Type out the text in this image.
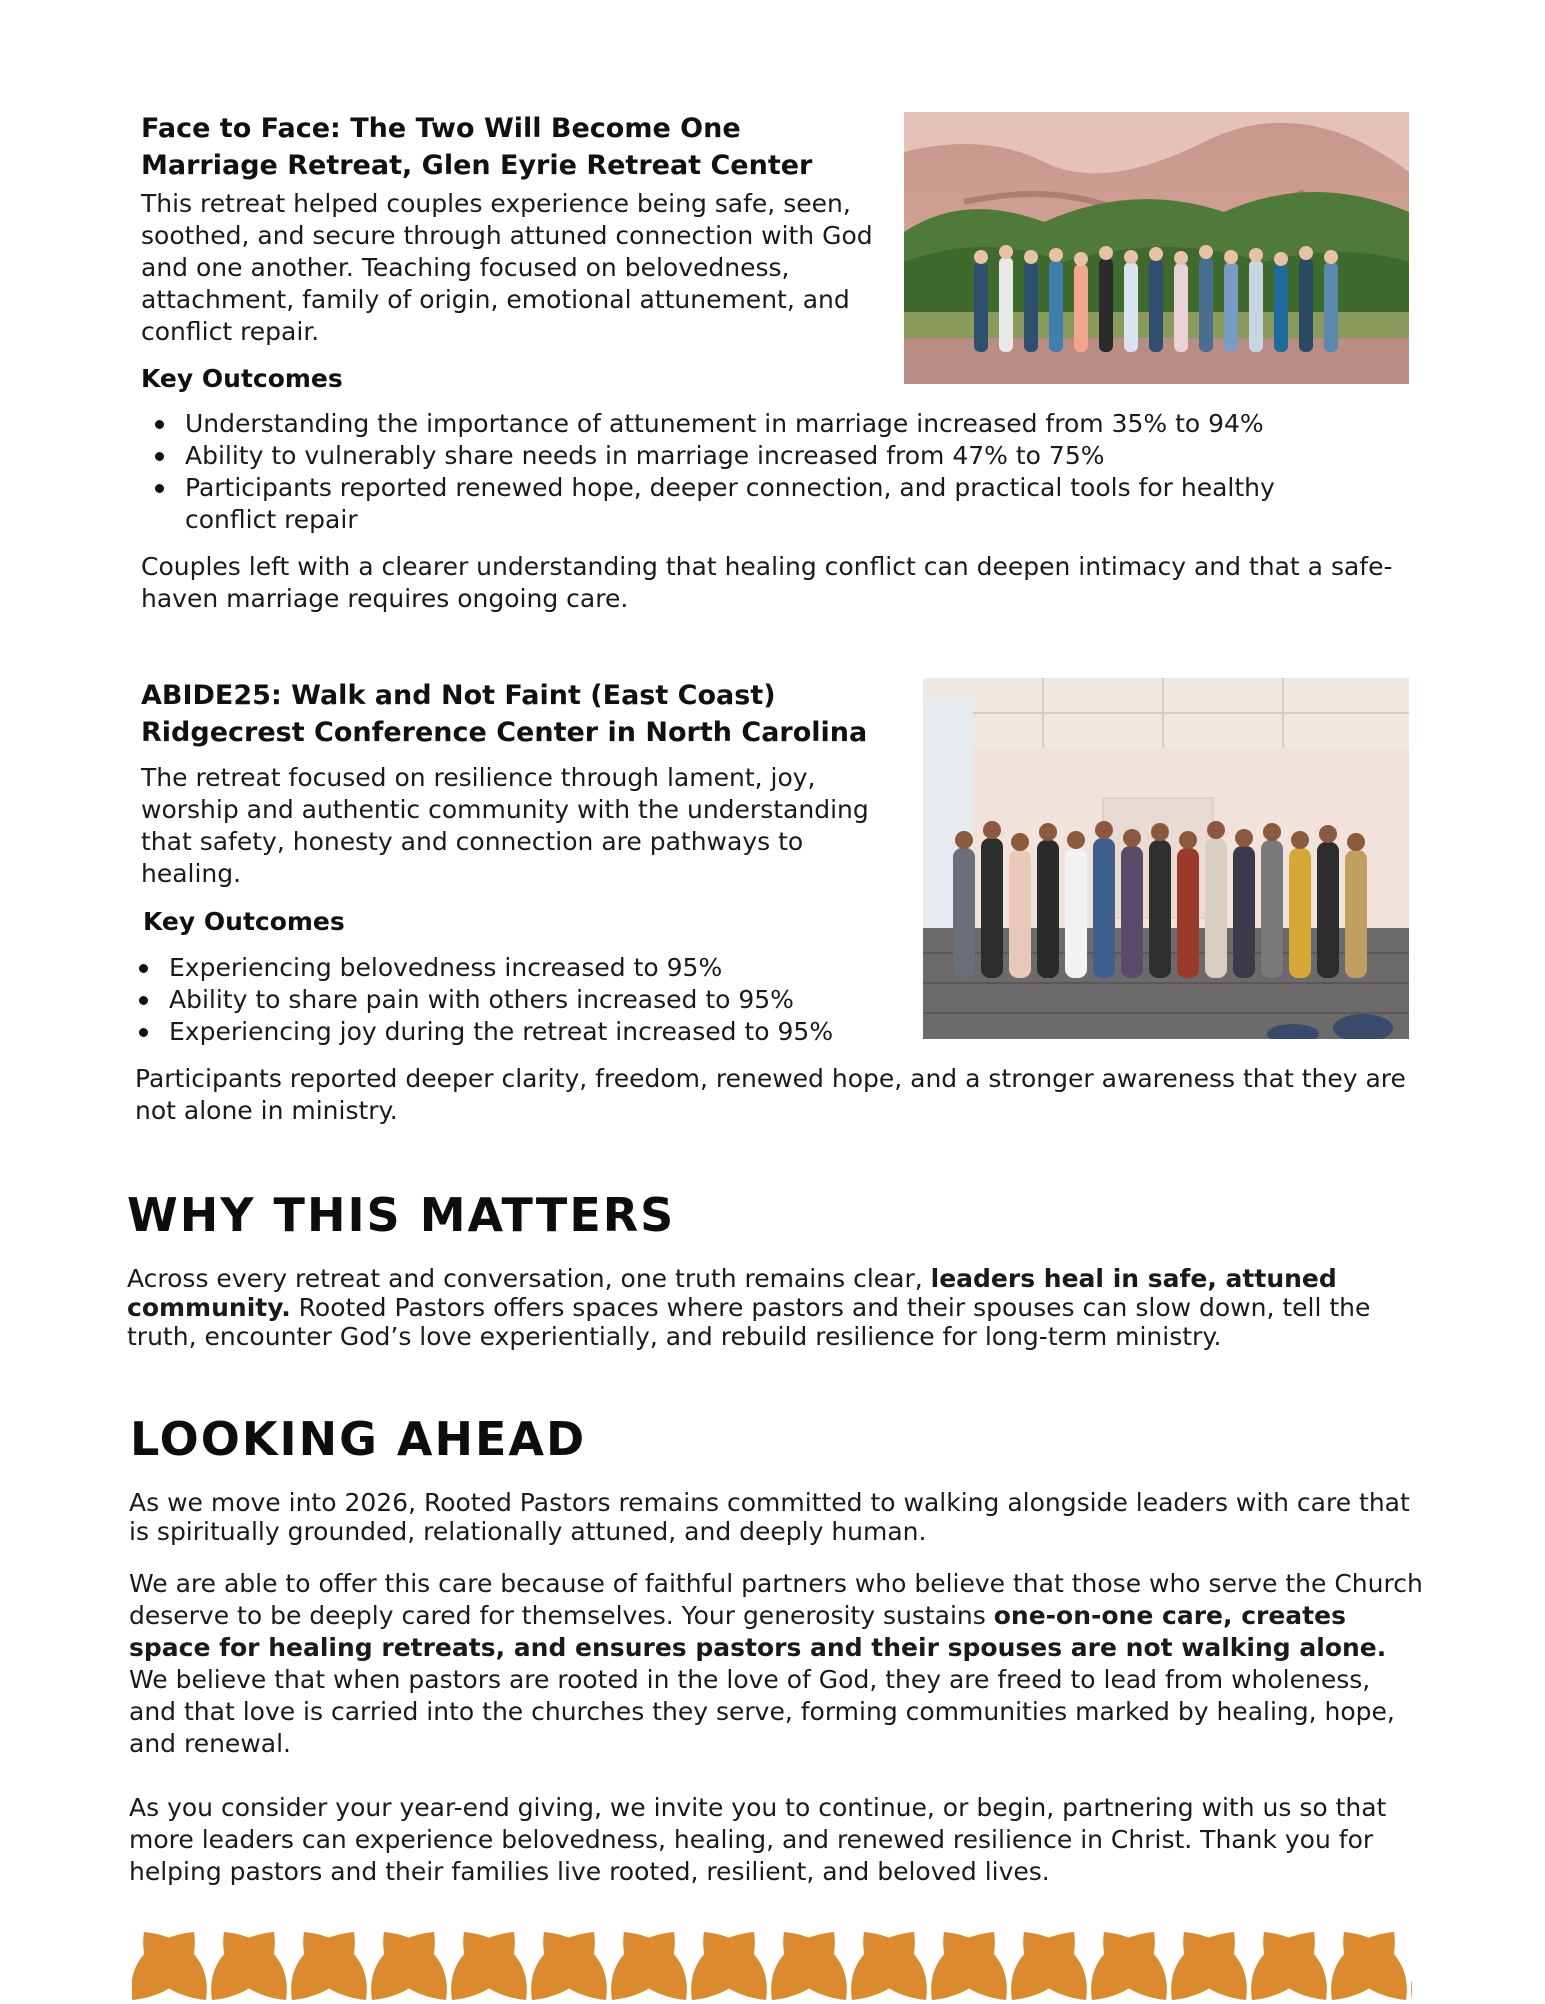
Face to Face: The Two Will Become One

Marriage Retreat, Glen Eyrie Retreat Center

This retreat helped couples experience being safe, seen, soothed, and secure through attuned connection with God and one another. Teaching focused on belovedness, attachment, family of origin, emotional attunement, and conflict repair.

Key Outcomes

Understanding the importance of attunement in marriage increased from 35% to 94%
Ability to vulnerably share needs in marriage increased from 47% to 75%
Participants reported renewed hope, deeper connection, and practical tools for healthy conflict repair

Couples left with a clearer understanding that healing conflict can deepen intimacy and that a safe-haven marriage requires ongoing care.

ABIDE25: Walk and Not Faint (East Coast)

Ridgecrest Conference Center in North Carolina

The retreat focused on resilience through lament, joy, worship and authentic community with the understanding that safety, honesty and connection are pathways to healing.

Key Outcomes

Experiencing belovedness increased to 95%
Ability to share pain with others increased to 95%
Experiencing joy during the retreat increased to 95%

Participants reported deeper clarity, freedom, renewed hope, and a stronger awareness that they are not alone in ministry.

WHY THIS MATTERS

Across every retreat and conversation, one truth remains clear, leaders heal in safe, attuned community. Rooted Pastors offers spaces where pastors and their spouses can slow down, tell the truth, encounter God’s love experientially, and rebuild resilience for long-term ministry.

LOOKING AHEAD

As we move into 2026, Rooted Pastors remains committed to walking alongside leaders with care that is spiritually grounded, relationally attuned, and deeply human.

We are able to offer this care because of faithful partners who believe that those who serve the Church deserve to be deeply cared for themselves. Your generosity sustains one-on-one care, creates space for healing retreats, and ensures pastors and their spouses are not walking alone. We believe that when pastors are rooted in the love of God, they are freed to lead from wholeness, and that love is carried into the churches they serve, forming communities marked by healing, hope, and renewal.

As you consider your year-end giving, we invite you to continue, or begin, partnering with us so that more leaders can experience belovedness, healing, and renewed resilience in Christ. Thank you for helping pastors and their families live rooted, resilient, and beloved lives.
